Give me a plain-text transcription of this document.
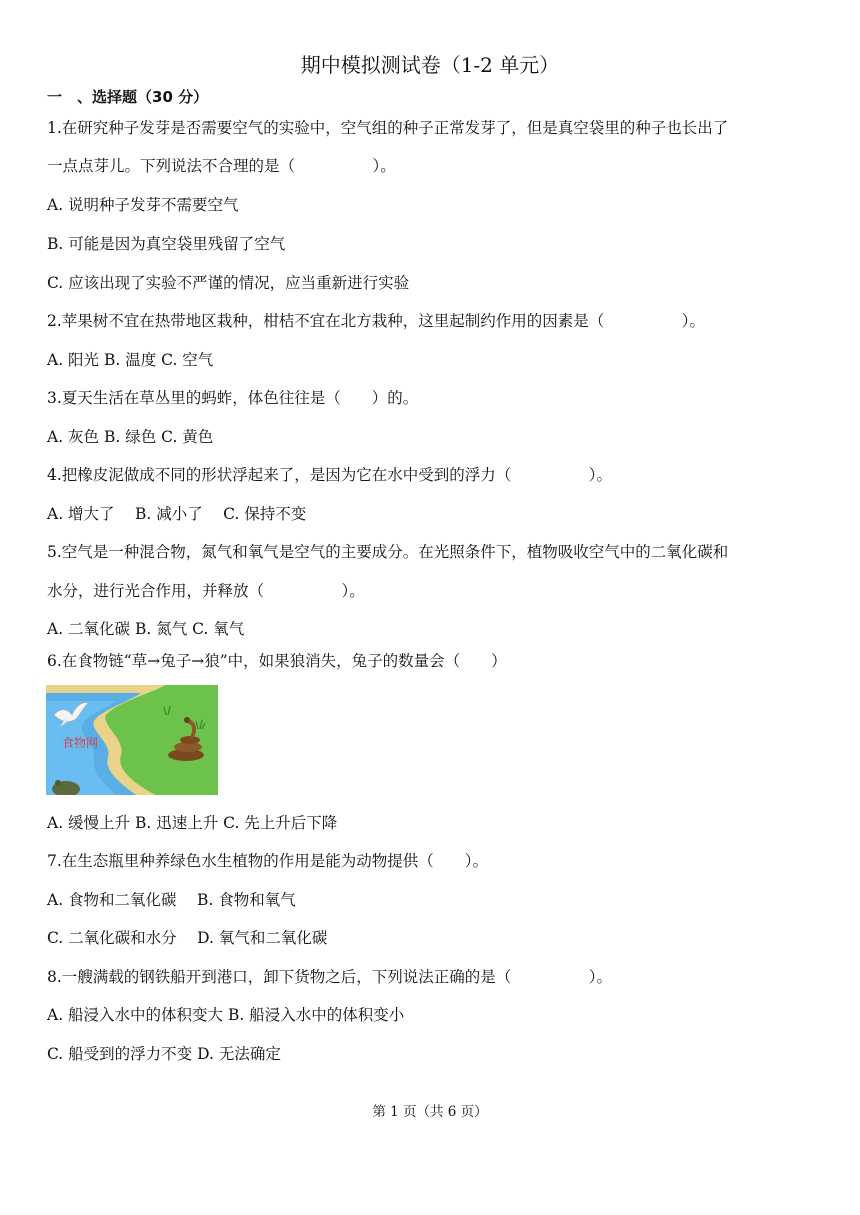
期中模拟测试卷（1-2 单元）
一　、选择题（30 分）
1.在研究种子发芽是否需要空气的实验中，空气组的种子正常发芽了，但是真空袋里的种子也长出了
一点点芽儿。下列说法不合理的是（　　　　　）。
A. 说明种子发芽不需要空气
B. 可能是因为真空袋里残留了空气
C. 应该出现了实验不严谨的情况，应当重新进行实验
2.苹果树不宜在热带地区栽种，柑桔不宜在北方栽种，这里起制约作用的因素是（　　　　　）。
A. 阳光 B. 温度 C. 空气
3.夏天生活在草丛里的蚂蚱，体色往往是（　　）的。
A. 灰色 B. 绿色 C. 黄色
4.把橡皮泥做成不同的形状浮起来了，是因为它在水中受到的浮力（　　　　　）。
A. 增大了　 B. 减小了　 C. 保持不变
5.空气是一种混合物，氮气和氧气是空气的主要成分。在光照条件下，植物吸收空气中的二氧化碳和
水分，进行光合作用，并释放（　　　　　）。
A. 二氧化碳 B. 氮气 C. 氧气
6.在食物链“草→兔子→狼”中，如果狼消失，兔子的数量会（　　）
食物网
A. 缓慢上升 B. 迅速上升 C. 先上升后下降
7.在生态瓶里种养绿色水生植物的作用是能为动物提供（　　）。
A. 食物和二氧化碳　 B. 食物和氧气
C. 二氧化碳和水分　 D. 氧气和二氧化碳
8.一艘满载的钢铁船开到港口，卸下货物之后，下列说法正确的是（　　　　　）。
A. 船浸入水中的体积变大 B. 船浸入水中的体积变小
C. 船受到的浮力不变 D. 无法确定
第 1 页（共 6 页）
